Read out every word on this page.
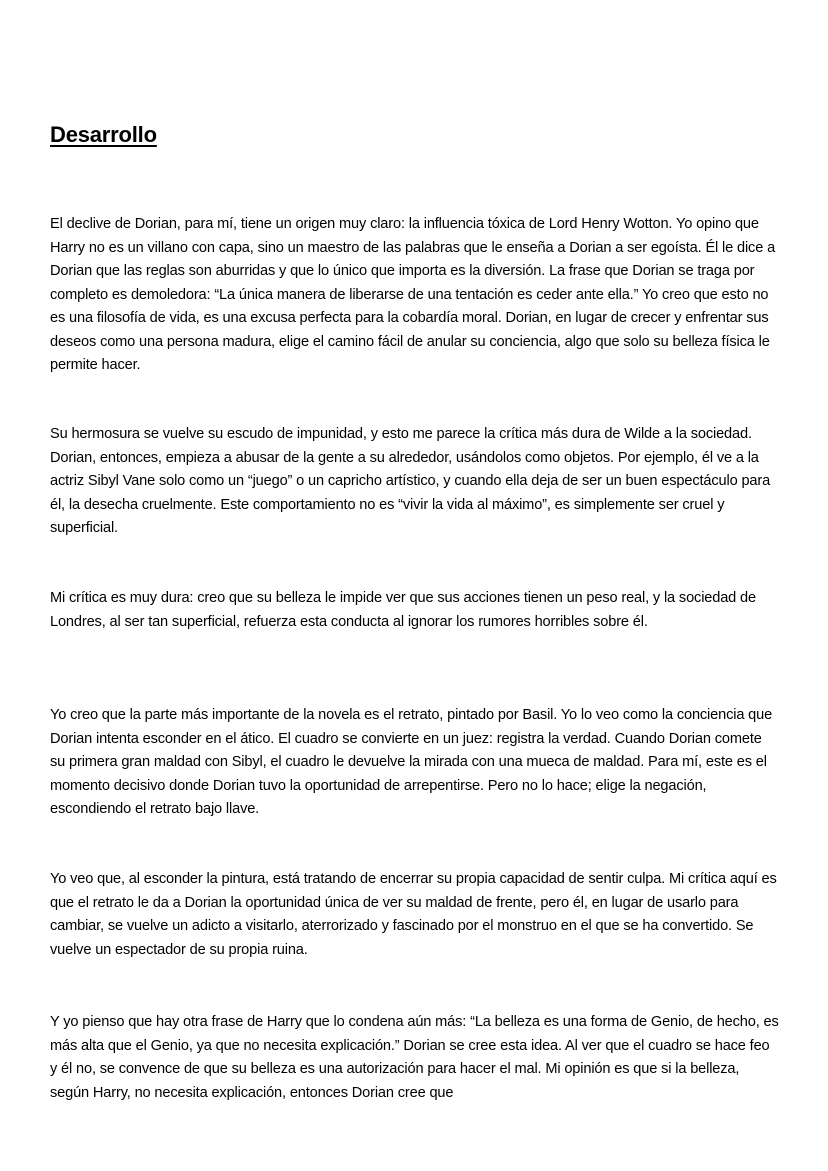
Desarrollo

El declive de Dorian, para mí, tiene un origen muy claro: la influencia tóxica de Lord Henry Wotton. Yo opino que Harry no es un villano con capa, sino un maestro de las palabras que le enseña a Dorian a ser egoísta. Él le dice a Dorian que las reglas son aburridas y que lo único que importa es la diversión. La frase que Dorian se traga por completo es demoledora: “La única manera de liberarse de una tentación es ceder ante ella.” Yo creo que esto no es una filosofía de vida, es una excusa perfecta para la cobardía moral. Dorian, en lugar de crecer y enfrentar sus deseos como una persona madura, elige el camino fácil de anular su conciencia, algo que solo su belleza física le permite hacer.

Su hermosura se vuelve su escudo de impunidad, y esto me parece la crítica más dura de Wilde a la sociedad. Dorian, entonces, empieza a abusar de la gente a su alrededor, usándolos como objetos. Por ejemplo, él ve a la actriz Sibyl Vane solo como un “juego” o un capricho artístico, y cuando ella deja de ser un buen espectáculo para él, la desecha cruelmente. Este comportamiento no es “vivir la vida al máximo”, es simplemente ser cruel y superficial.

Mi crítica es muy dura: creo que su belleza le impide ver que sus acciones tienen un peso real, y la sociedad de Londres, al ser tan superficial, refuerza esta conducta al ignorar los rumores horribles sobre él.

Yo creo que la parte más importante de la novela es el retrato, pintado por Basil. Yo lo veo como la conciencia que Dorian intenta esconder en el ático. El cuadro se convierte en un juez: registra la verdad. Cuando Dorian comete su primera gran maldad con Sibyl, el cuadro le devuelve la mirada con una mueca de maldad. Para mí, este es el momento decisivo donde Dorian tuvo la oportunidad de arrepentirse. Pero no lo hace; elige la negación, escondiendo el retrato bajo llave.

Yo veo que, al esconder la pintura, está tratando de encerrar su propia capacidad de sentir culpa. Mi crítica aquí es que el retrato le da a Dorian la oportunidad única de ver su maldad de frente, pero él, en lugar de usarlo para cambiar, se vuelve un adicto a visitarlo, aterrorizado y fascinado por el monstruo en el que se ha convertido. Se vuelve un espectador de su propia ruina.

Y yo pienso que hay otra frase de Harry que lo condena aún más: “La belleza es una forma de Genio, de hecho, es más alta que el Genio, ya que no necesita explicación.” Dorian se cree esta idea. Al ver que el cuadro se hace feo y él no, se convence de que su belleza es una autorización para hacer el mal. Mi opinión es que si la belleza, según Harry, no necesita explicación, entonces Dorian cree que
